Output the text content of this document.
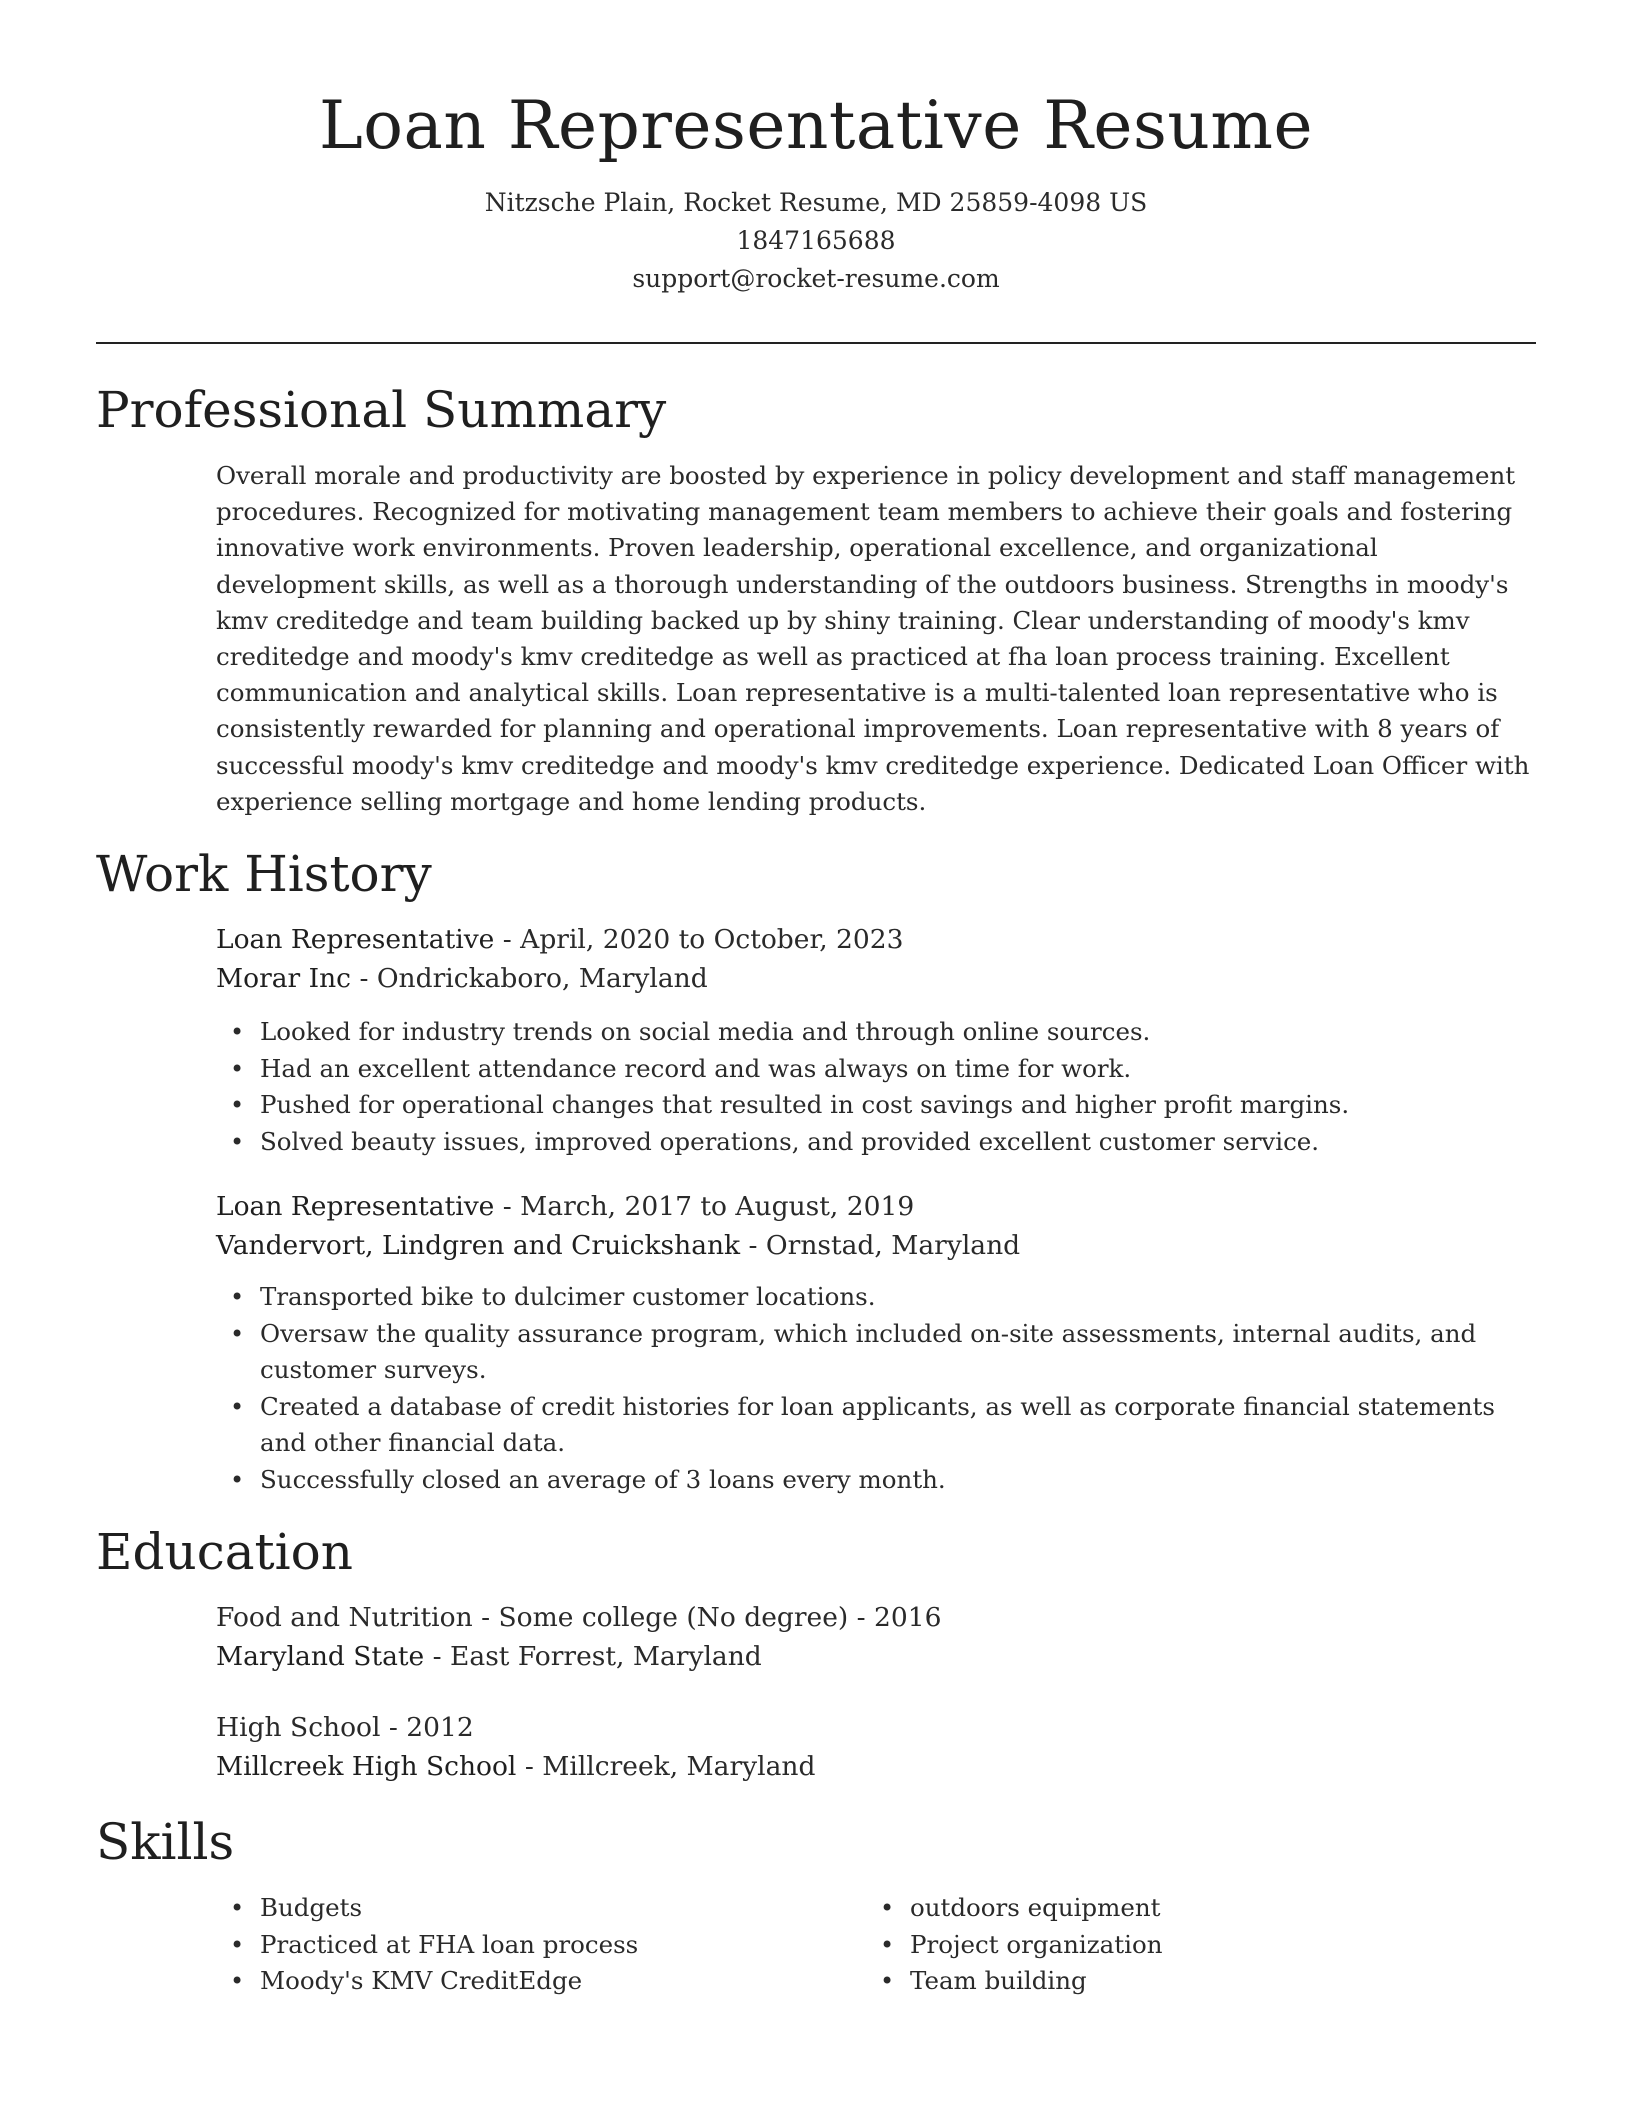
Loan Representative Resume
Nitzsche Plain, Rocket Resume, MD 25859-4098 US
1847165688
support@rocket-resume.com
Professional Summary
Overall morale and productivity are boosted by experience in policy development and staff management procedures. Recognized for motivating management team members to achieve their goals and fostering innovative work environments. Proven leadership, operational excellence, and organizational development skills, as well as a thorough understanding of the outdoors business. Strengths in moody's kmv creditedge and team building backed up by shiny training. Clear understanding of moody's kmv creditedge and moody's kmv creditedge as well as practiced at fha loan process training. Excellent communication and analytical skills. Loan representative is a multi-talented loan representative who is consistently rewarded for planning and operational improvements. Loan representative with 8 years of successful moody's kmv creditedge and moody's kmv creditedge experience. Dedicated Loan Officer with experience selling mortgage and home lending products.
Work History
Loan Representative - April, 2020 to October, 2023
Morar Inc - Ondrickaboro, Maryland
• Looked for industry trends on social media and through online sources.
• Had an excellent attendance record and was always on time for work.
• Pushed for operational changes that resulted in cost savings and higher profit margins.
• Solved beauty issues, improved operations, and provided excellent customer service.
Loan Representative - March, 2017 to August, 2019
Vandervort, Lindgren and Cruickshank - Ornstad, Maryland
• Transported bike to dulcimer customer locations.
• Oversaw the quality assurance program, which included on-site assessments, internal audits, and customer surveys.
• Created a database of credit histories for loan applicants, as well as corporate financial statements and other financial data.
• Successfully closed an average of 3 loans every month.
Education
Food and Nutrition - Some college (No degree) - 2016
Maryland State - East Forrest, Maryland
High School - 2012
Millcreek High School - Millcreek, Maryland
Skills
• Budgets
• Practiced at FHA loan process
• Moody's KMV CreditEdge
• outdoors equipment
• Project organization
• Team building
